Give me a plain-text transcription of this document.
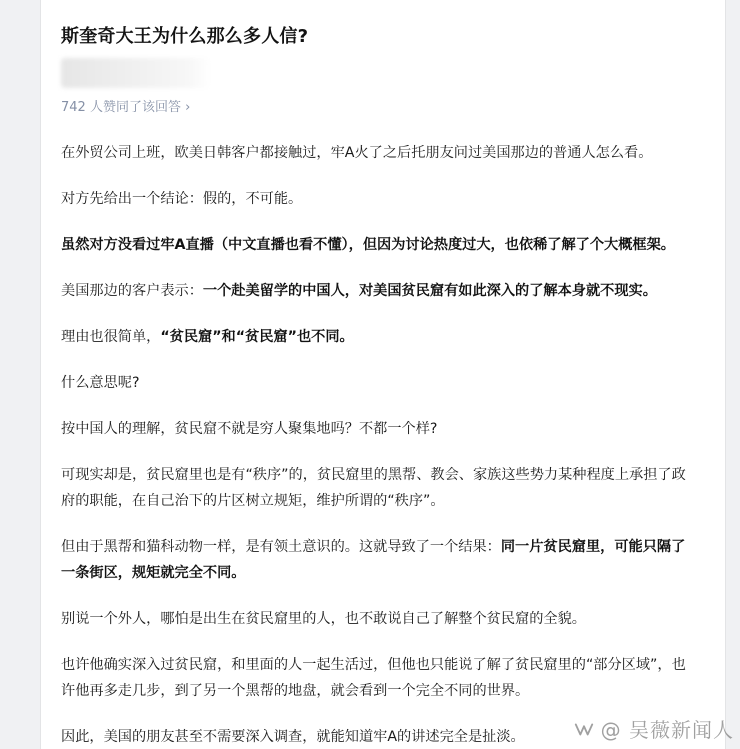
斯奎奇大王为什么那么多人信?
742 人赞同了该回答 ›

在外贸公司上班，欧美日韩客户都接触过，牢A火了之后托朋友问过美国那边的普通人怎么看。

对方先给出一个结论：假的，不可能。

虽然对方没看过牢A直播（中文直播也看不懂），但因为讨论热度过大，也依稀了解了个大概框架。

美国那边的客户表示：一个赴美留学的中国人，对美国贫民窟有如此深入的了解本身就不现实。

理由也很简单，“贫民窟”和“贫民窟”也不同。

什么意思呢?

按中国人的理解，贫民窟不就是穷人聚集地吗？不都一个样?

可现实却是，贫民窟里也是有“秩序”的，贫民窟里的黑帮、教会、家族这些势力某种程度上承担了政府的职能，在自己治下的片区树立规矩，维护所谓的“秩序”。

但由于黑帮和猫科动物一样，是有领土意识的。这就导致了一个结果：同一片贫民窟里，可能只隔了一条街区，规矩就完全不同。

别说一个外人，哪怕是出生在贫民窟里的人，也不敢说自己了解整个贫民窟的全貌。

也许他确实深入过贫民窟，和里面的人一起生活过，但他也只能说了解了贫民窟里的“部分区域”，也许他再多走几步，到了另一个黑帮的地盘，就会看到一个完全不同的世界。

因此，美国的朋友甚至不需要深入调查，就能知道牢A的讲述完全是扯淡。	@ 吴薇新闻人
